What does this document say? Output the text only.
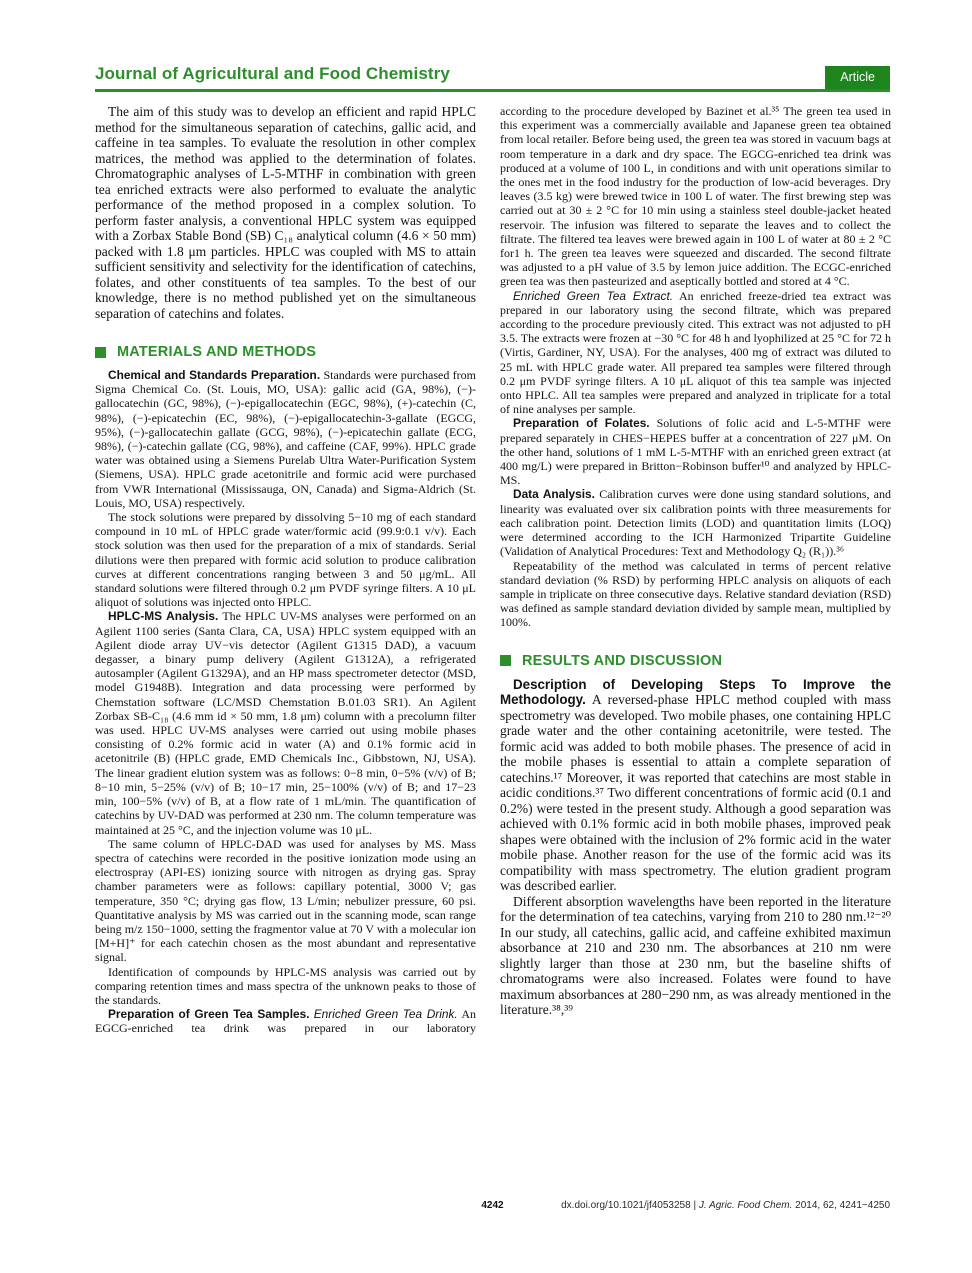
Journal of Agricultural and Food Chemistry	Article

The aim of this study was to develop an efficient and rapid HPLC method for the simultaneous separation of catechins, gallic acid, and caffeine in tea samples. To evaluate the resolution in other complex matrices, the method was applied to the determination of folates. Chromatographic analyses of L-5-MTHF in combination with green tea enriched extracts were also performed to evaluate the analytic performance of the method proposed in a complex solution. To perform faster analysis, a conventional HPLC system was equipped with a Zorbax Stable Bond (SB) C₁₈ analytical column (4.6 × 50 mm) packed with 1.8 μm particles. HPLC was coupled with MS to attain sufficient sensitivity and selectivity for the identification of catechins, folates, and other constituents of tea samples. To the best of our knowledge, there is no method published yet on the simultaneous separation of catechins and folates.

MATERIALS AND METHODS

Chemical and Standards Preparation. Standards were purchased from Sigma Chemical Co. (St. Louis, MO, USA): gallic acid (GA, 98%), (−)-gallocatechin (GC, 98%), (−)-epigallocatechin (EGC, 98%), (+)-catechin (C, 98%), (−)-epicatechin (EC, 98%), (−)-epigallocatechin-3-gallate (EGCG, 95%), (−)-gallocatechin gallate (GCG, 98%), (−)-epicatechin gallate (ECG, 98%), (−)-catechin gallate (CG, 98%), and caffeine (CAF, 99%). HPLC grade water was obtained using a Siemens Purelab Ultra Water-Purification System (Siemens, USA). HPLC grade acetonitrile and formic acid were purchased from VWR International (Mississauga, ON, Canada) and Sigma-Aldrich (St. Louis, MO, USA) respectively.

The stock solutions were prepared by dissolving 5−10 mg of each standard compound in 10 mL of HPLC grade water/formic acid (99.9:0.1 v/v). Each stock solution was then used for the preparation of a mix of standards. Serial dilutions were then prepared with formic acid solution to produce calibration curves at different concentrations ranging between 3 and 50 μg/mL. All standard solutions were filtered through 0.2 μm PVDF syringe filters. A 10 μL aliquot of solutions was injected onto HPLC.

HPLC-MS Analysis. The HPLC UV-MS analyses were performed on an Agilent 1100 series (Santa Clara, CA, USA) HPLC system equipped with an Agilent diode array UV−vis detector (Agilent G1315 DAD), a vacuum degasser, a binary pump delivery (Agilent G1312A), a refrigerated autosampler (Agilent G1329A), and an HP mass spectrometer detector (MSD, model G1948B). Integration and data processing were performed by Chemstation software (LC/MSD Chemstation B.01.03 SR1). An Agilent Zorbax SB-C₁₈ (4.6 mm id × 50 mm, 1.8 μm) column with a precolumn filter was used. HPLC UV-MS analyses were carried out using mobile phases consisting of 0.2% formic acid in water (A) and 0.1% formic acid in acetonitrile (B) (HPLC grade, EMD Chemicals Inc., Gibbstown, NJ, USA). The linear gradient elution system was as follows: 0−8 min, 0−5% (v/v) of B; 8−10 min, 5−25% (v/v) of B; 10−17 min, 25−100% (v/v) of B; and 17−23 min, 100−5% (v/v) of B, at a flow rate of 1 mL/min. The quantification of catechins by UV-DAD was performed at 230 nm. The column temperature was maintained at 25 °C, and the injection volume was 10 μL.

The same column of HPLC-DAD was used for analyses by MS. Mass spectra of catechins were recorded in the positive ionization mode using an electrospray (API-ES) ionizing source with nitrogen as drying gas. Spray chamber parameters were as follows: capillary potential, 3000 V; gas temperature, 350 °C; drying gas flow, 13 L/min; nebulizer pressure, 60 psi. Quantitative analysis by MS was carried out in the scanning mode, scan range being m/z 150−1000, setting the fragmentor value at 70 V with a molecular ion [M+H]⁺ for each catechin chosen as the most abundant and representative signal.

Identification of compounds by HPLC-MS analysis was carried out by comparing retention times and mass spectra of the unknown peaks to those of the standards.

Preparation of Green Tea Samples. Enriched Green Tea Drink. An EGCG-enriched tea drink was prepared in our laboratory

according to the procedure developed by Bazinet et al.³⁵ The green tea used in this experiment was a commercially available and Japanese green tea obtained from local retailer. Before being used, the green tea was stored in vacuum bags at room temperature in a dark and dry space. The EGCG-enriched tea drink was produced at a volume of 100 L, in conditions and with unit operations similar to the ones met in the food industry for the production of low-acid beverages. Dry leaves (3.5 kg) were brewed twice in 100 L of water. The first brewing step was carried out at 30 ± 2 °C for 10 min using a stainless steel double-jacket heated reservoir. The infusion was filtered to separate the leaves and to collect the filtrate. The filtered tea leaves were brewed again in 100 L of water at 80 ± 2 °C for1 h. The green tea leaves were squeezed and discarded. The second filtrate was adjusted to a pH value of 3.5 by lemon juice addition. The ECGC-enriched green tea was then pasteurized and aseptically bottled and stored at 4 °C.

Enriched Green Tea Extract. An enriched freeze-dried tea extract was prepared in our laboratory using the second filtrate, which was prepared according to the procedure previously cited. This extract was not adjusted to pH 3.5. The extracts were frozen at −30 °C for 48 h and lyophilized at 25 °C for 72 h (Virtis, Gardiner, NY, USA). For the analyses, 400 mg of extract was diluted to 25 mL with HPLC grade water. All prepared tea samples were filtered through 0.2 μm PVDF syringe filters. A 10 μL aliquot of this tea sample was injected onto HPLC. All tea samples were prepared and analyzed in triplicate for a total of nine analyses per sample.

Preparation of Folates. Solutions of folic acid and L-5-MTHF were prepared separately in CHES−HEPES buffer at a concentration of 227 μM. On the other hand, solutions of 1 mM L-5-MTHF with an enriched green extract (at 400 mg/L) were prepared in Britton−Robinson buffer¹⁰ and analyzed by HPLC-MS.

Data Analysis. Calibration curves were done using standard solutions, and linearity was evaluated over six calibration points with three measurements for each calibration point. Detection limits (LOD) and quantitation limits (LOQ) were determined according to the ICH Harmonized Tripartite Guideline (Validation of Analytical Procedures: Text and Methodology Q₂ (R₁)).³⁶

Repeatability of the method was calculated in terms of percent relative standard deviation (% RSD) by performing HPLC analysis on aliquots of each sample in triplicate on three consecutive days. Relative standard deviation (RSD) was defined as sample standard deviation divided by sample mean, multiplied by 100%.

RESULTS AND DISCUSSION

Description of Developing Steps To Improve the Methodology. A reversed-phase HPLC method coupled with mass spectrometry was developed. Two mobile phases, one containing HPLC grade water and the other containing acetonitrile, were tested. The formic acid was added to both mobile phases. The presence of acid in the mobile phases is essential to attain a complete separation of catechins.¹⁷ Moreover, it was reported that catechins are most stable in acidic conditions.³⁷ Two different concentrations of formic acid (0.1 and 0.2%) were tested in the present study. Although a good separation was achieved with 0.1% formic acid in both mobile phases, improved peak shapes were obtained with the inclusion of 2% formic acid in the water mobile phase. Another reason for the use of the formic acid was its compatibility with mass spectrometry. The elution gradient program was described earlier.

Different absorption wavelengths have been reported in the literature for the determination of tea catechins, varying from 210 to 280 nm.¹²⁻²⁰ In our study, all catechins, gallic acid, and caffeine exhibited maximun absorbance at 210 and 230 nm. The absorbances at 210 nm were slightly larger than those at 230 nm, but the baseline shifts of chromatograms were also increased. Folates were found to have maximum absorbances at 280−290 nm, as was already mentioned in the literature.³⁸,³⁹

4242	dx.doi.org/10.1021/jf4053258 | J. Agric. Food Chem. 2014, 62, 4241−4250
